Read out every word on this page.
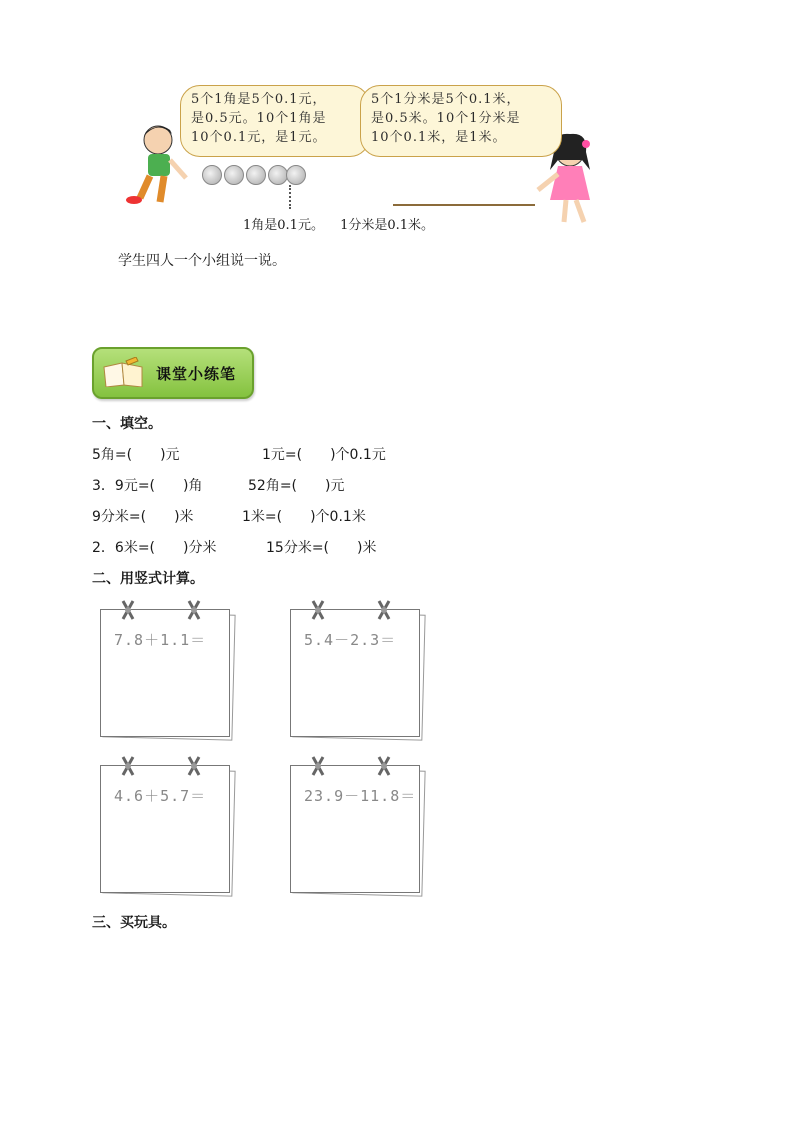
5个1角是5个0.1元，
是0.5元。10个1角是
10个0.1元，是1元。
5个1分米是5个0.1米，
是0.5米。10个1分米是
10个0.1米，是1米。
1角是0.1元。 1分米是0.1米。
学生四人一个小组说一说。
课堂小练笔
一、填空。
5角=(　　)元	1元=(　　)个0.1元
3．9元=(　　)角	52角=(　　)元
9分米=(　　)米	1米=(　　)个0.1米
2．6米=(　　)分米	15分米=(　　)米
二、用竖式计算。
7.8＋1.1＝	5.4－2.3＝
4.6＋5.7＝	23.9－11.8＝
三、买玩具。
